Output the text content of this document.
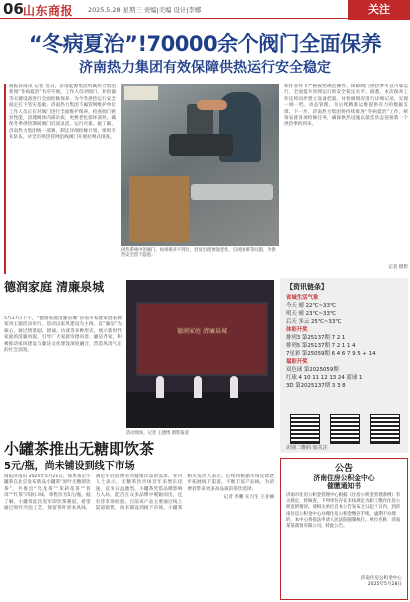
06 山东商报 2025.5.28 星期三 责编|美编 设计|李娜	关注
“冬病夏治”!70000余个阀门全面保养
济南热力集团有效保障供热运行安全稳定
商报济南讯 记者 近日，济南能源集团所属热力集团新闻“冬病夏治”有序开展。工作人员对阀门、补偿器等关键设备进行全面检修保养，为今冬供热运行安全稳定打下坚实基础。济南热力集团下属管网维护单位工作人员正在对阀门进行全面维护保养，检查阀门密封性能，清理阀体内部杂质，更换老化损坏部件，确保冬季供热期间阀门启闭灵活、运行可靠。据了解，济南热力集团统一部署，制定详细检修计划，组织专业队伍，对全市供热管网沿线阀门开展拉网式排查。
供热系统中的阀门，如果保养不到位，容易出现锈蚀老化、启闭困难等问题，为供热安全留下隐患。
和作业环节严格按照规范操作。保障阀门供热季可以可靠运行，全面提升管网运行的安全稳定水平。据悉，本次保养工作还将同步建立设备档案，对检修情况进行详细记录，实现一阀一档、动态管理，为后续精准运维提供有力的数据支撑。下一步，济南热力集团将持续推进“冬病夏治”工作，统筹安排各项检修任务，确保供热设施以最佳状态迎接新一个供热季的到来。
记者 摄影
德润家庭 清廉泉城
5月27日下午，“德润家庭清廉泉城”济南市家庭家庭家教家风主题活动举行。活动以家风建设为主线，以“廉洁”为核心，通过情景剧、朗诵、访谈等多种形式，展示新时代家庭的清廉风貌，引导广大家庭崇德向善、廉洁齐家，积极推动家风建设与廉洁文化建设深度融合，营造风清气正的社会氛围。
德润家庭 清廉泉城
活动现场。记者 王德博 摄影报道
【资讯链条】
省城生活气象
今天 晴 22℃~33℃
明天 晴 23℃~33℃
后天 多云 25℃~33℃
体彩开奖
排列3 第25137期 7 2 1
排列5 第25137期 7 2 1 1 4
7星彩 第25059期 6 4 6 7 9 5 + 14
福彩开奖
双色球 第2025059期
红球 4 10 11 12 13 24 蓝球 1
3D 第2025137期 3 3 8
识别二维码 加关注
小罐茶推出无糖即饮茶
5元/瓶，尚未铺设到线下市场
商报济南讯 2025年5月21日，如果茶企小罐茶在北京发布新品小罐茶“原叶无糖即饮茶”，共推出“乌龙茶”“茉莉花茶”“普洱”“红茶”四款口味，零售价为5元/瓶。据了解，小罐茶此次进军即饮茶赛道，希望通过原叶冷泡工艺，保留茶叶原本风味，满足年轻消费者对健康饮品的需求。业内人士表示，无糖茶饮市场近年来增长迅速，竞争日益激烈，小罐茶凭借品牌影响力入局，能否在众多品牌中脱颖而出，还有待市场检验。目前该产品主要通过线上渠道销售，尚未铺设到线下市场。小罐茶相关负责人表示，后续将根据市场反馈逐步拓展线下渠道，不断丰富产品线，为消费者带来更多高品质的茶饮选择。
记者 李鹏 实习生 王亚楠
公告
济南住房公积金中心
催缴通知书
济南市住房公积金管理中心根据《住房公积金管理条例》有关规定，经核查，下列单位存在未按规定为职工缴存住房公积金的情况。请相关单位自本公告发布之日起十日内，到济南住房公积金中心办理住房公积金缴存手续。逾期不办理的，本中心将依法申请人民法院强制执行。单位名称：济南某某商贸有限公司。特此公告。
济南住房公积金中心
2025年5月28日
